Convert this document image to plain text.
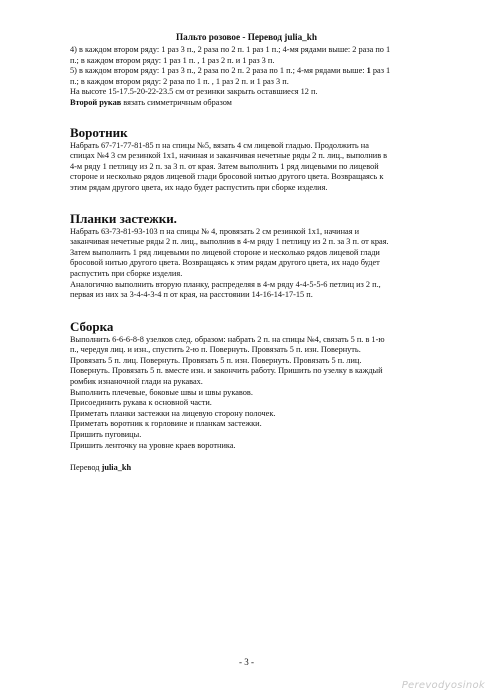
Пальто розовое - Перевод julia_kh

4) в каждом втором ряду: 1 раз 3 п., 2 раза по 2 п. 1 раз 1 п.; 4-мя рядами выше: 2 раза по 1

п.; в каждом втором ряду: 1 раз 1 п. , 1 раз 2 п. и 1 раз 3 п.

5) в каждом втором ряду: 1 раз 3 п., 2 раза по 2 п. 2 раза по 1 п.; 4-мя рядами выше: 1 раз 1

п.; в каждом втором ряду: 2 раза по 1 п. , 1 раз 2 п. и 1 раз 3 п.

На высоте 15-17.5-20-22-23.5 см от резинки закрыть оставшиеся 12 п.

Второй рукав вязать симметричным образом

Воротник

Набрать 67-71-77-81-85 п на спицы №5, вязать 4 см лицевой гладью. Продолжить на

спицах №4 3 см резинкой 1х1, начиная и заканчивая нечетные ряды 2 п. лиц., выполнив в

4-м ряду 1 петлицу из 2 п. за 3 п. от края. Затем выполнить 1 ряд лицевыми по лицевой

стороне и несколько рядов лицевой глади бросовой нитью другого цвета. Возвращаясь к

этим рядам другого цвета, их надо будет распустить при сборке изделия.

Планки застежки.

Набрать 63-73-81-93-103 п на спицы № 4, провязать 2 см резинкой 1х1, начиная и

заканчивая нечетные ряды 2 п. лиц., выполнив в 4-м ряду 1 петлицу из 2 п. за 3 п. от края.

Затем выполнить 1 ряд лицевыми по лицевой стороне и несколько рядов лицевой глади

бросовой нитью другого цвета. Возвращаясь к этим рядам другого цвета, их надо будет

распустить при сборке изделия.

Аналогично выполнить вторую планку, распределяя в 4-м ряду 4-4-5-5-6 петлиц из 2 п.,

первая из них за 3-4-4-3-4 п от края, на расстоянии 14-16-14-17-15 п.

Сборка

Выполнить 6-6-6-8-8 узелков след. образом: набрать 2 п. на спицы №4, связать 5 п. в 1-ю

п., чередуя лиц. и изн., спустить 2-ю п. Повернуть. Провязать 5 п. изн. Повернуть.

Провязать 5 п. лиц. Повернуть. Провязать 5 п. изн. Повернуть. Провязать 5 п. лиц.

Повернуть. Провязать 5 п. вместе изн. и закончить работу. Пришить по узелку в каждый

ромбик изнаночной глади на рукавах.

Выполнить плечевые, боковые швы и швы рукавов.

Присоединить рукава к основной части.

Приметать планки застежки на лицевую сторону полочек.

Приметать воротник к горловине и планкам застежки.

Пришить пуговицы.

Пришить ленточку на уровне краев воротника.

Перевод julia_kh

- 3 -
Perevodyosinok
